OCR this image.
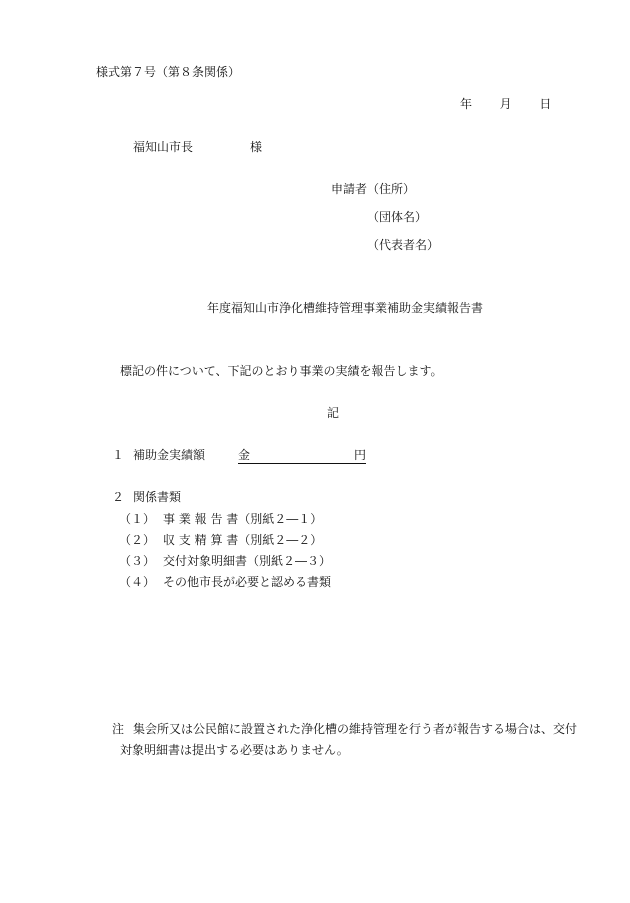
様式第７号（第８条関係）
年 月 日
福知山市長	様
申請者 （住所）
（団体名）
（代表者名）
年度福知山市浄化槽維持管理事業補助金実績報告書
標記の件について、下記のとおり事業の実績を報告します。
記
１ 補助金実績額	金	円
２ 関係書類
（１） 事 業 報 告 書（別紙２―１）
（２） 収 支 精 算 書（別紙２―２）
（３） 交付対象明細書（別紙２―３）
（４） その他市長が必要と認める書類
注 集会所又は公民館に設置された浄化槽の維持管理を行う者が報告する場合は、交付
対象明細書は提出する必要はありません。
